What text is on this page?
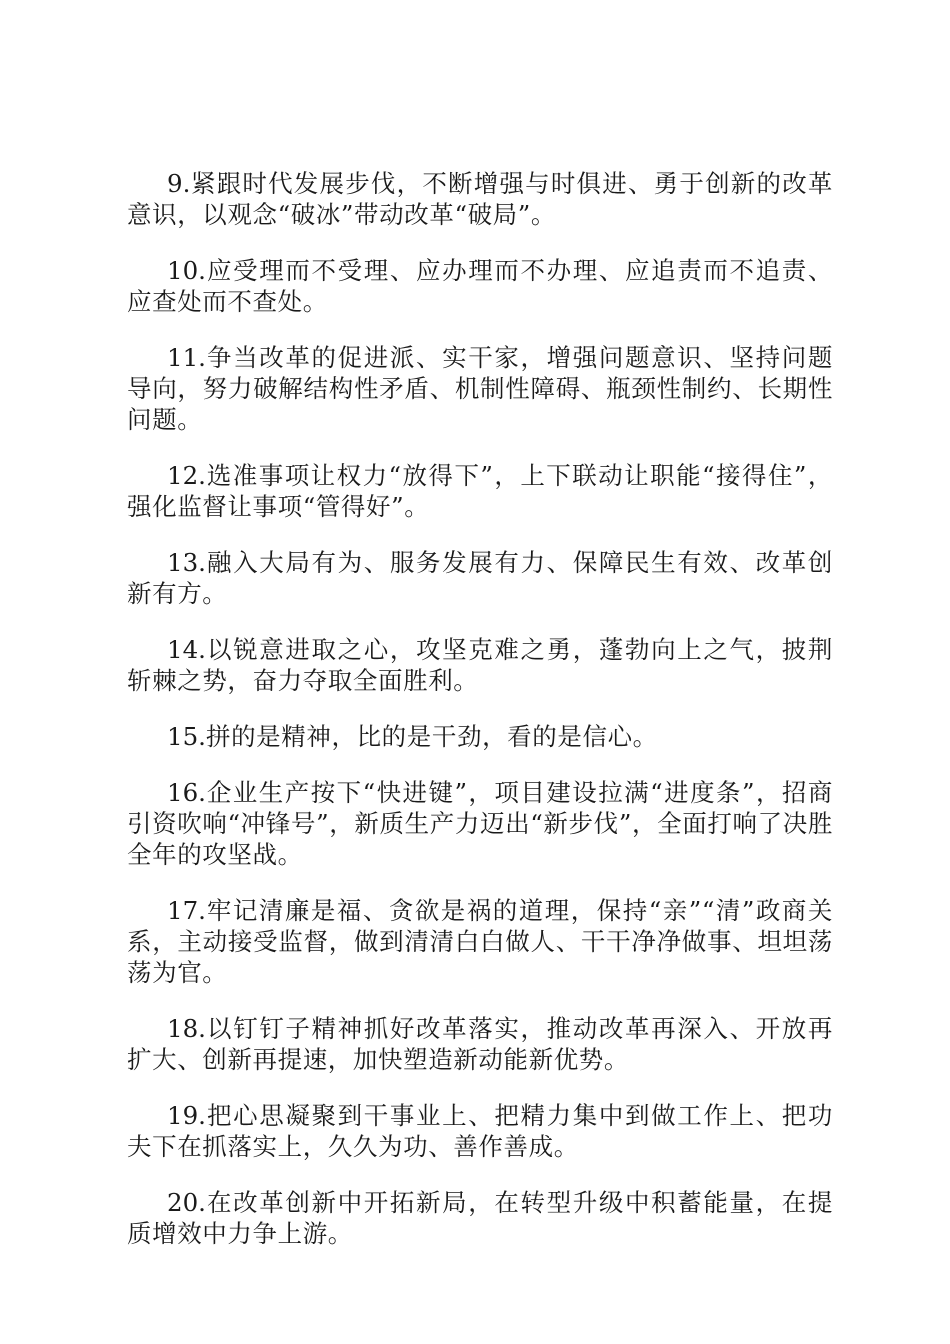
9.紧跟时代发展步伐，不断增强与时俱进、勇于创新的改革意识，以观念“破冰”带动改革“破局”。

10.应受理而不受理、应办理而不办理、应追责而不追责、应查处而不查处。

11.争当改革的促进派、实干家，增强问题意识、坚持问题导向，努力破解结构性矛盾、机制性障碍、瓶颈性制约、长期性问题。

12.选准事项让权力“放得下”，上下联动让职能“接得住”，强化监督让事项“管得好”。

13.融入大局有为、服务发展有力、保障民生有效、改革创新有方。

14.以锐意进取之心，攻坚克难之勇，蓬勃向上之气，披荆斩棘之势，奋力夺取全面胜利。

15.拼的是精神，比的是干劲，看的是信心。

16.企业生产按下“快进键”，项目建设拉满“进度条”，招商引资吹响“冲锋号”，新质生产力迈出“新步伐”，全面打响了决胜全年的攻坚战。

17.牢记清廉是福、贪欲是祸的道理，保持“亲”“清”政商关系，主动接受监督，做到清清白白做人、干干净净做事、坦坦荡荡为官。

18.以钉钉子精神抓好改革落实，推动改革再深入、开放再扩大、创新再提速，加快塑造新动能新优势。

19.把心思凝聚到干事业上、把精力集中到做工作上、把功夫下在抓落实上，久久为功、善作善成。

20.在改革创新中开拓新局，在转型升级中积蓄能量，在提质增效中力争上游。
